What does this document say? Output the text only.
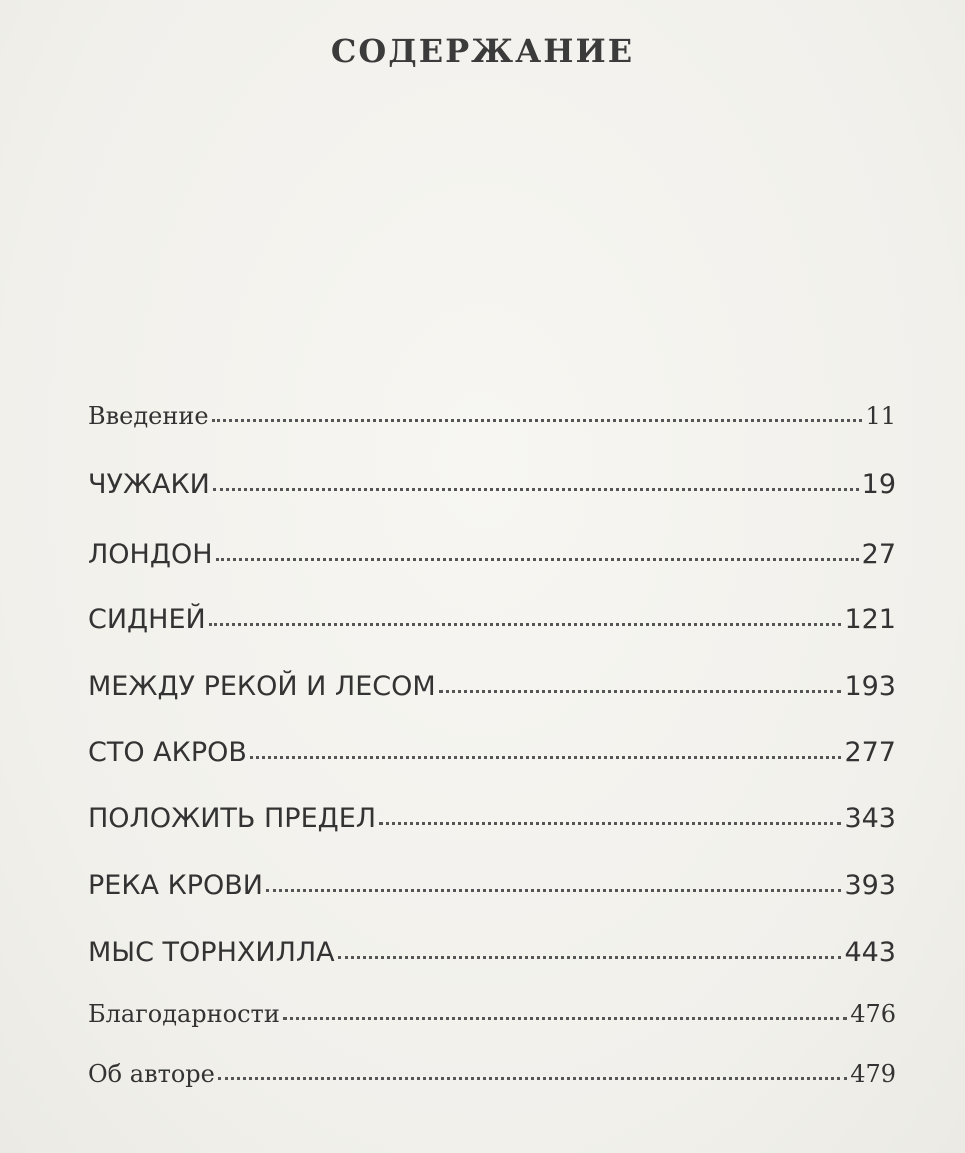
СОДЕРЖАНИЕ
Введение	11
ЧУЖАКИ	19
ЛОНДОН	27
СИДНЕЙ	121
МЕЖДУ РЕКОЙ И ЛЕСОМ	193
СТО АКРОВ	277
ПОЛОЖИТЬ ПРЕДЕЛ	343
РЕКА КРОВИ	393
МЫС ТОРНХИЛЛА	443
Благодарности	476
Об авторе	479
